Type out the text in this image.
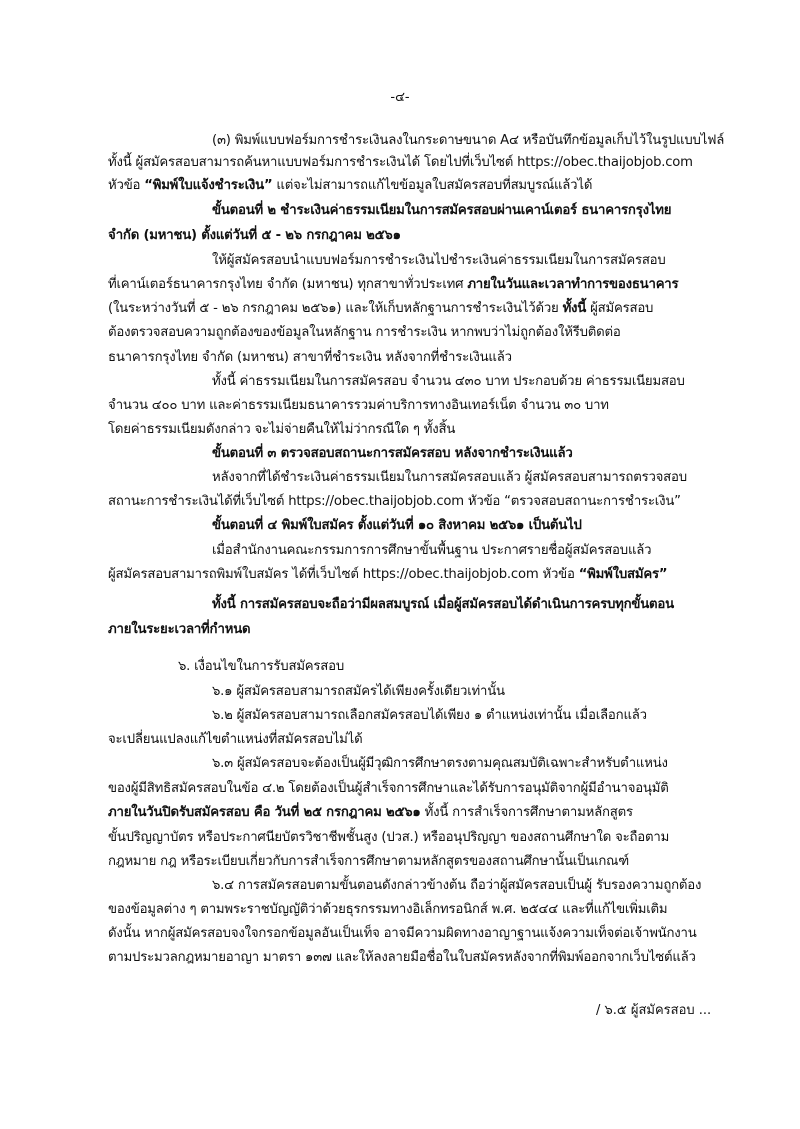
-๔-
(๓) พิมพ์แบบฟอร์มการชำระเงินลงในกระดาษขนาด A๔ หรือบันทึกข้อมูลเก็บไว้ในรูปแบบไฟล์
ทั้งนี้ ผู้สมัครสอบสามารถค้นหาแบบฟอร์มการชำระเงินได้ โดยไปที่เว็บไซต์ https://obec.thaijobjob.com
หัวข้อ “พิมพ์ใบแจ้งชำระเงิน” แต่จะไม่สามารถแก้ไขข้อมูลใบสมัครสอบที่สมบูรณ์แล้วได้
ขั้นตอนที่ ๒ ชำระเงินค่าธรรมเนียมในการสมัครสอบผ่านเคาน์เตอร์ ธนาคารกรุงไทย
จำกัด (มหาชน) ตั้งแต่วันที่ ๕ - ๒๖ กรกฎาคม ๒๕๖๑
ให้ผู้สมัครสอบนำแบบฟอร์มการชำระเงินไปชำระเงินค่าธรรมเนียมในการสมัครสอบ
ที่เคาน์เตอร์ธนาคารกรุงไทย จำกัด (มหาชน) ทุกสาขาทั่วประเทศ ภายในวันและเวลาทำการของธนาคาร
(ในระหว่างวันที่ ๕ - ๒๖ กรกฎาคม ๒๕๖๑) และให้เก็บหลักฐานการชำระเงินไว้ด้วย ทั้งนี้ ผู้สมัครสอบ
ต้องตรวจสอบความถูกต้องของข้อมูลในหลักฐาน การชำระเงิน หากพบว่าไม่ถูกต้องให้รีบติดต่อ
ธนาคารกรุงไทย จำกัด (มหาชน) สาขาที่ชำระเงิน หลังจากที่ชำระเงินแล้ว
ทั้งนี้ ค่าธรรมเนียมในการสมัครสอบ จำนวน ๔๓๐ บาท ประกอบด้วย ค่าธรรมเนียมสอบ
จำนวน ๔๐๐ บาท และค่าธรรมเนียมธนาคารรวมค่าบริการทางอินเทอร์เน็ต จำนวน ๓๐ บาท
โดยค่าธรรมเนียมดังกล่าว จะไม่จ่ายคืนให้ไม่ว่ากรณีใด ๆ ทั้งสิ้น
ขั้นตอนที่ ๓ ตรวจสอบสถานะการสมัครสอบ หลังจากชำระเงินแล้ว
หลังจากที่ได้ชำระเงินค่าธรรมเนียมในการสมัครสอบแล้ว ผู้สมัครสอบสามารถตรวจสอบ
สถานะการชำระเงินได้ที่เว็บไซต์ https://obec.thaijobjob.com หัวข้อ “ตรวจสอบสถานะการชำระเงิน”
ขั้นตอนที่ ๔ พิมพ์ใบสมัคร ตั้งแต่วันที่ ๑๐ สิงหาคม ๒๕๖๑ เป็นต้นไป
เมื่อสำนักงานคณะกรรมการการศึกษาขั้นพื้นฐาน ประกาศรายชื่อผู้สมัครสอบแล้ว
ผู้สมัครสอบสามารถพิมพ์ใบสมัคร ได้ที่เว็บไซต์ https://obec.thaijobjob.com หัวข้อ “พิมพ์ใบสมัคร”
ทั้งนี้ การสมัครสอบจะถือว่ามีผลสมบูรณ์ เมื่อผู้สมัครสอบได้ดำเนินการครบทุกขั้นตอน
ภายในระยะเวลาที่กำหนด
๖. เงื่อนไขในการรับสมัครสอบ
๖.๑ ผู้สมัครสอบสามารถสมัครได้เพียงครั้งเดียวเท่านั้น
๖.๒ ผู้สมัครสอบสามารถเลือกสมัครสอบได้เพียง ๑ ตำแหน่งเท่านั้น เมื่อเลือกแล้ว
จะเปลี่ยนแปลงแก้ไขตำแหน่งที่สมัครสอบไม่ได้
๖.๓ ผู้สมัครสอบจะต้องเป็นผู้มีวุฒิการศึกษาตรงตามคุณสมบัติเฉพาะสำหรับตำแหน่ง
ของผู้มีสิทธิสมัครสอบในข้อ ๔.๒ โดยต้องเป็นผู้สำเร็จการศึกษาและได้รับการอนุมัติจากผู้มีอำนาจอนุมัติ
ภายในวันปิดรับสมัครสอบ คือ วันที่ ๒๕ กรกฎาคม ๒๕๖๑ ทั้งนี้ การสำเร็จการศึกษาตามหลักสูตร
ขั้นปริญญาบัตร หรือประกาศนียบัตรวิชาชีพชั้นสูง (ปวส.) หรืออนุปริญญา ของสถานศึกษาใด จะถือตาม
กฎหมาย กฎ หรือระเบียบเกี่ยวกับการสำเร็จการศึกษาตามหลักสูตรของสถานศึกษานั้นเป็นเกณฑ์
๖.๔ การสมัครสอบตามขั้นตอนดังกล่าวข้างต้น ถือว่าผู้สมัครสอบเป็นผู้ รับรองความถูกต้อง
ของข้อมูลต่าง ๆ ตามพระราชบัญญัติว่าด้วยธุรกรรมทางอิเล็กทรอนิกส์ พ.ศ. ๒๕๔๔ และที่แก้ไขเพิ่มเติม
ดังนั้น หากผู้สมัครสอบจงใจกรอกข้อมูลอันเป็นเท็จ อาจมีความผิดทางอาญาฐานแจ้งความเท็จต่อเจ้าพนักงาน
ตามประมวลกฎหมายอาญา มาตรา ๑๓๗ และให้ลงลายมือชื่อในใบสมัครหลังจากที่พิมพ์ออกจากเว็บไซต์แล้ว
/ ๖.๕ ผู้สมัครสอบ ...
